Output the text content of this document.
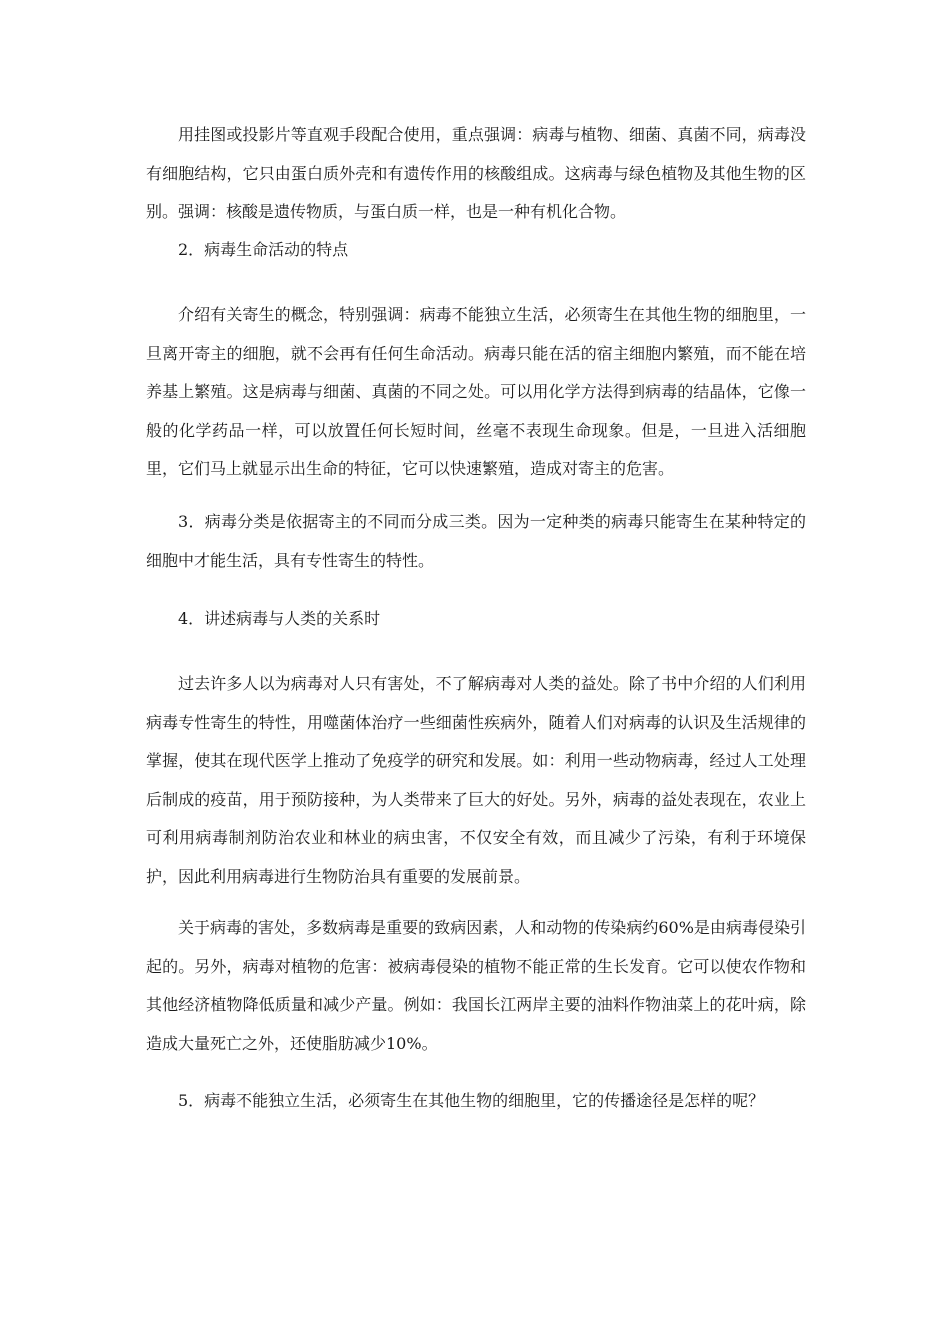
用挂图或投影片等直观手段配合使用，重点强调：病毒与植物、细菌、真菌不同，病毒没有细胞结构，它只由蛋白质外壳和有遗传作用的核酸组成。这病毒与绿色植物及其他生物的区别。强调：核酸是遗传物质，与蛋白质一样，也是一种有机化合物。

2．病毒生命活动的特点

介绍有关寄生的概念，特别强调：病毒不能独立生活，必须寄生在其他生物的细胞里，一旦离开寄主的细胞，就不会再有任何生命活动。病毒只能在活的宿主细胞内繁殖，而不能在培养基上繁殖。这是病毒与细菌、真菌的不同之处。可以用化学方法得到病毒的结晶体，它像一般的化学药品一样，可以放置任何长短时间，丝毫不表现生命现象。但是，一旦进入活细胞里，它们马上就显示出生命的特征，它可以快速繁殖，造成对寄主的危害。

3．病毒分类是依据寄主的不同而分成三类。因为一定种类的病毒只能寄生在某种特定的细胞中才能生活，具有专性寄生的特性。

4．讲述病毒与人类的关系时

过去许多人以为病毒对人只有害处，不了解病毒对人类的益处。除了书中介绍的人们利用病毒专性寄生的特性，用噬菌体治疗一些细菌性疾病外，随着人们对病毒的认识及生活规律的掌握，使其在现代医学上推动了免疫学的研究和发展。如：利用一些动物病毒，经过人工处理后制成的疫苗，用于预防接种，为人类带来了巨大的好处。另外，病毒的益处表现在，农业上可利用病毒制剂防治农业和林业的病虫害，不仅安全有效，而且减少了污染，有利于环境保护，因此利用病毒进行生物防治具有重要的发展前景。

关于病毒的害处，多数病毒是重要的致病因素，人和动物的传染病约60%是由病毒侵染引起的。另外，病毒对植物的危害：被病毒侵染的植物不能正常的生长发育。它可以使农作物和其他经济植物降低质量和减少产量。例如：我国长江两岸主要的油料作物油菜上的花叶病，除造成大量死亡之外，还使脂肪减少10%。

5．病毒不能独立生活，必须寄生在其他生物的细胞里，它的传播途径是怎样的呢？
